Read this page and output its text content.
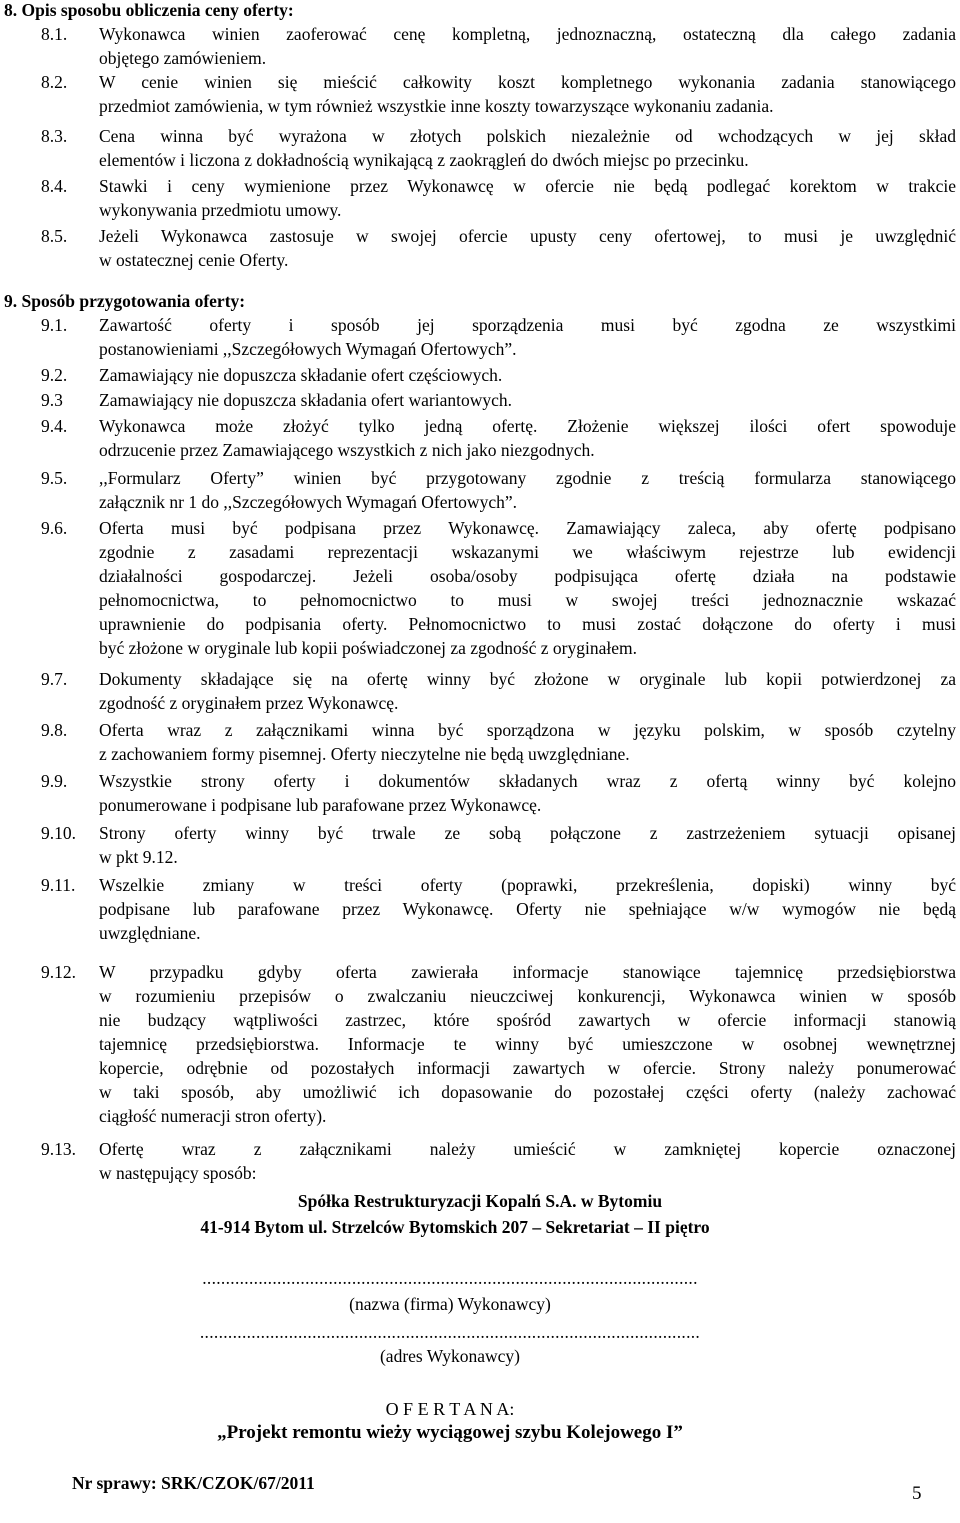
8. Opis sposobu obliczenia ceny oferty:
8.1. Wykonawca winien zaoferować cenę kompletną, jednoznaczną, ostateczną dla całego zadania
objętego zamówieniem.
8.2. W cenie winien się mieścić całkowity koszt kompletnego wykonania zadania stanowiącego
przedmiot zamówienia, w tym również wszystkie inne koszty towarzyszące wykonaniu zadania.
8.3. Cena winna być wyrażona w złotych polskich niezależnie od wchodzących w jej skład
elementów i liczona z dokładnością wynikającą z zaokrągleń do dwóch miejsc po przecinku.
8.4. Stawki i ceny wymienione przez Wykonawcę w ofercie nie będą podlegać korektom w trakcie
wykonywania przedmiotu umowy.
8.5. Jeżeli Wykonawca zastosuje w swojej ofercie upusty ceny ofertowej, to musi je uwzględnić
w ostatecznej cenie Oferty.
9. Sposób przygotowania oferty:
9.1. Zawartość oferty i sposób jej sporządzenia musi być zgodna ze wszystkimi
postanowieniami ,,Szczegółowych Wymagań Ofertowych”.
9.2. Zamawiający nie dopuszcza składanie ofert częściowych.
9.3 Zamawiający nie dopuszcza składania ofert wariantowych.
9.4. Wykonawca może złożyć tylko jedną ofertę. Złożenie większej ilości ofert spowoduje
odrzucenie przez Zamawiającego wszystkich z nich jako niezgodnych.
9.5. ,,Formularz Oferty” winien być przygotowany zgodnie z treścią formularza stanowiącego
załącznik nr 1 do ,,Szczegółowych Wymagań Ofertowych”.
9.6. Oferta musi być podpisana przez Wykonawcę. Zamawiający zaleca, aby ofertę podpisano
zgodnie z zasadami reprezentacji wskazanymi we właściwym rejestrze lub ewidencji
działalności gospodarczej. Jeżeli osoba/osoby podpisująca ofertę działa na podstawie
pełnomocnictwa, to pełnomocnictwo to musi w swojej treści jednoznacznie wskazać
uprawnienie do podpisania oferty. Pełnomocnictwo to musi zostać dołączone do oferty i musi
być złożone w oryginale lub kopii poświadczonej za zgodność z oryginałem.
9.7. Dokumenty składające się na ofertę winny być złożone w oryginale lub kopii potwierdzonej za
zgodność z oryginałem przez Wykonawcę.
9.8. Oferta wraz z załącznikami winna być sporządzona w języku polskim, w sposób czytelny
z zachowaniem formy pisemnej. Oferty nieczytelne nie będą uwzględniane.
9.9. Wszystkie strony oferty i dokumentów składanych wraz z ofertą winny być kolejno
ponumerowane i podpisane lub parafowane przez Wykonawcę.
9.10. Strony oferty winny być trwale ze sobą połączone z zastrzeżeniem sytuacji opisanej
w pkt 9.12.
9.11. Wszelkie zmiany w treści oferty (poprawki, przekreślenia, dopiski) winny być
podpisane lub parafowane przez Wykonawcę. Oferty nie spełniające w/w wymogów nie będą
uwzględniane.
9.12. W przypadku gdyby oferta zawierała informacje stanowiące tajemnicę przedsiębiorstwa
w rozumieniu przepisów o zwalczaniu nieuczciwej konkurencji, Wykonawca winien w sposób
nie budzący wątpliwości zastrzec, które spośród zawartych w ofercie informacji stanowią
tajemnicę przedsiębiorstwa. Informacje te winny być umieszczone w osobnej wewnętrznej
kopercie, odrębnie od pozostałych informacji zawartych w ofercie. Strony należy ponumerować
w taki sposób, aby umożliwić ich dopasowanie do pozostałej części oferty (należy zachować
ciągłość numeracji stron oferty).
9.13. Ofertę wraz z załącznikami należy umieścić w zamkniętej kopercie oznaczonej
w następujący sposób:
Spółka Restrukturyzacji Kopalń S.A. w Bytomiu
41-914 Bytom ul. Strzelców Bytomskich 207 – Sekretariat – II piętro
..........................................................................................................
(nazwa (firma) Wykonawcy)
...........................................................................................................
(adres Wykonawcy)
O F E R T A N A:
„Projekt remontu wieży wyciągowej szybu Kolejowego I”
Nr sprawy: SRK/CZOK/67/2011	5
